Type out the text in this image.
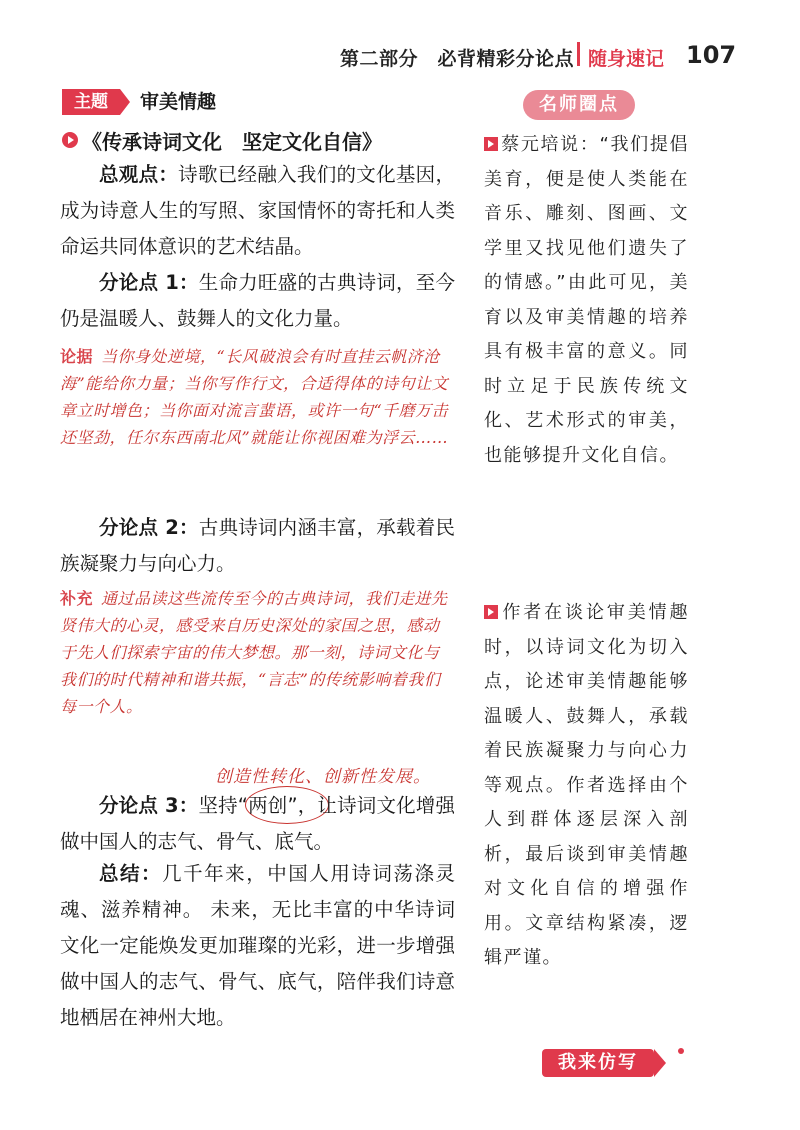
第二部分　必背精彩分论点 随身速记 107
主题	审美情趣
《传承诗词文化　坚定文化自信》
总观点：诗歌已经融入我们的文化基因，成为诗意人生的写照、家国情怀的寄托和人类命运共同体意识的艺术结晶。
分论点 1：生命力旺盛的古典诗词，至今仍是温暖人、鼓舞人的文化力量。
论据 当你身处逆境，“长风破浪会有时直挂云帆济沧海”能给你力量；当你写作行文，合适得体的诗句让文章立时增色；当你面对流言蜚语，或许一句“千磨万击还坚劲，任尔东西南北风”就能让你视困难为浮云……
分论点 2：古典诗词内涵丰富，承载着民族凝聚力与向心力。
补充 通过品读这些流传至今的古典诗词，我们走进先贤伟大的心灵，感受来自历史深处的家国之思，感动于先人们探索宇宙的伟大梦想。那一刻，诗词文化与我们的时代精神和谐共振，“言志”的传统影响着我们每一个人。
创造性转化、创新性发展。
分论点 3：坚持“两创”，让诗词文化增强做中国人的志气、骨气、底气。
总结：几千年来，中国人用诗词荡涤灵魂、滋养精神。 未来，无比丰富的中华诗词文化一定能焕发更加璀璨的光彩，进一步增强做中国人的志气、骨气、底气，陪伴我们诗意地栖居在神州大地。
名师圈点
蔡元培说：“我们提倡美育，便是使人类能在音乐、雕刻、图画、文学里又找见他们遗失了的情感。”由此可见，美育以及审美情趣的培养具有极丰富的意义。同时立足于民族传统文化、艺术形式的审美，也能够提升文化自信。
作者在谈论审美情趣时，以诗词文化为切入点，论述审美情趣能够温暖人、鼓舞人，承载着民族凝聚力与向心力等观点。作者选择由个人到群体逐层深入剖析，最后谈到审美情趣对文化自信的增强作用。文章结构紧凑，逻辑严谨。
我来仿写
